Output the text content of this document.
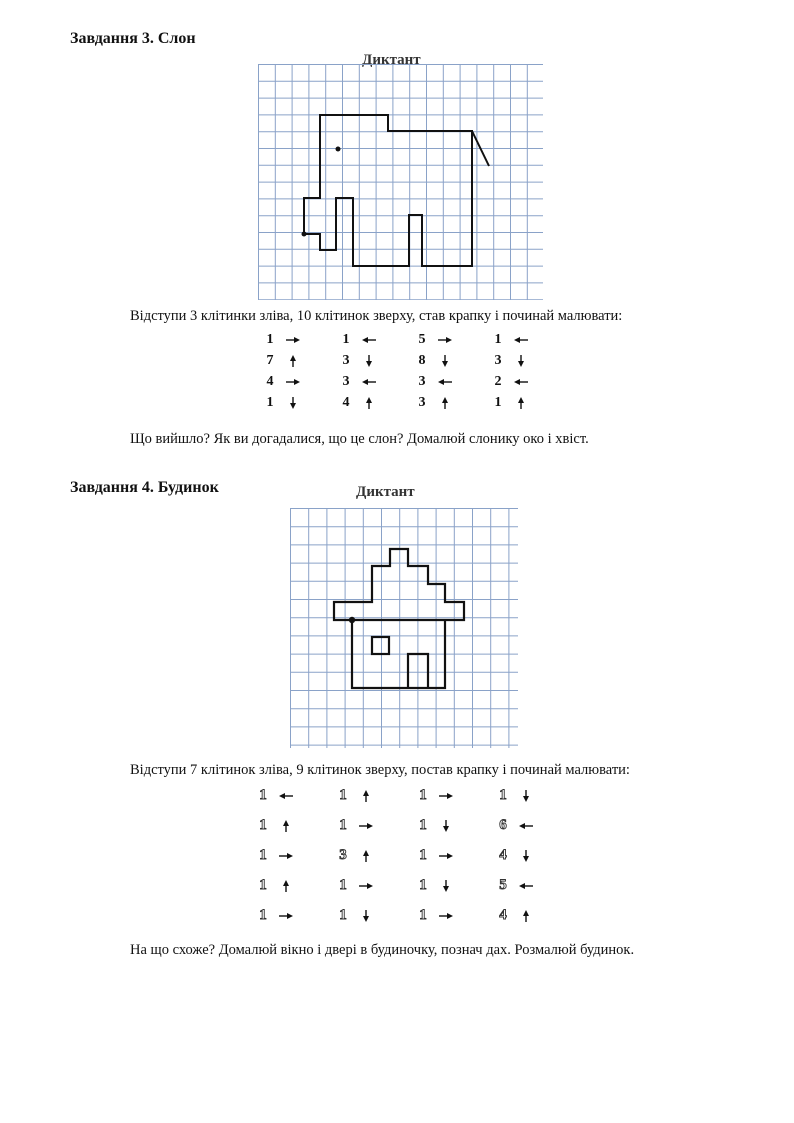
Завдання 3. Слон
Диктант
Відступи 3 клітинки зліва, 10 клітинок зверху, став крапку і починай малювати:
1
7
4
1
1
3
3
4
5
8
3
3
1
3
2
1
Що вийшло? Як ви догадалися, що це слон? Домалюй слонику око і хвіст.
Завдання 4. Будинок	Диктант
Відступи 7 клітинок зліва, 9 клітинок зверху, постав крапку і починай малювати:
1
1
1
1
1
1
1
3
1
1
1
1
1
1
1
1
6
4
5
4
На що схоже? Домалюй вікно і двері в будиночку, познач дах. Розмалюй будинок.
